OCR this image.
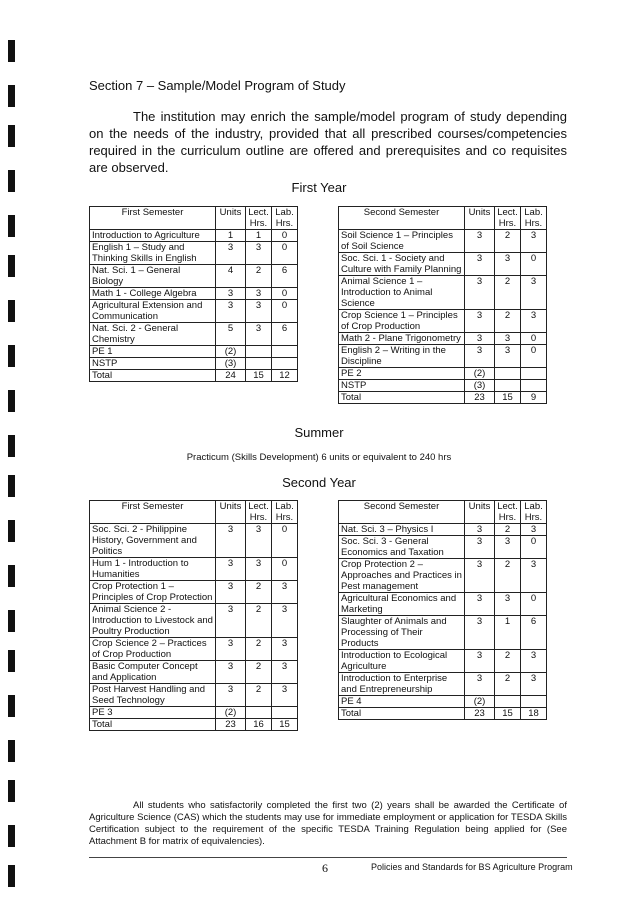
Section 7 – Sample/Model Program of Study

The institution may enrich the sample/model program of study depending on the needs of the industry, provided that all prescribed courses/competencies required in the curriculum outline are offered and prerequisites and co requisites are observed.

First Year
First Semester	Units	Lect. Hrs.	Lab. Hrs.
Introduction to Agriculture	1	1	0
English 1 – Study and Thinking Skills in English	3	3	0
Nat. Sci. 1 – General Biology	4	2	6
Math 1 - College Algebra	3	3	0
Agricultural Extension and Communication	3	3	0
Nat. Sci. 2 - General Chemistry	5	3	6
PE 1	(2)		
NSTP	(3)		
Total	24	15	12
Second Semester	Units	Lect. Hrs.	Lab. Hrs.
Soil Science 1 – Principles of Soil Science	3	2	3
Soc. Sci. 1 - Society and Culture with Family Planning	3	3	0
Animal Science 1 – Introduction to Animal Science	3	2	3
Crop Science 1 – Principles of Crop Production	3	2	3
Math 2 - Plane Trigonometry	3	3	0
English 2 – Writing in the Discipline	3	3	0
PE 2	(2)		
NSTP	(3)		
Total	23	15	9
Summer
Practicum (Skills Development) 6 units or equivalent to 240 hrs
Second Year
First Semester	Units	Lect. Hrs.	Lab. Hrs.
Soc. Sci. 2 - Philippine History, Government and Politics	3	3	0
Hum 1 - Introduction to Humanities	3	3	0
Crop Protection 1 – Principles of Crop Protection	3	2	3
Animal Science 2 - Introduction to Livestock and Poultry Production	3	2	3
Crop Science 2 – Practices of Crop Production	3	2	3
Basic Computer Concept and Application	3	2	3
Post Harvest Handling and Seed Technology	3	2	3
PE 3	(2)		
Total	23	16	15
Second Semester	Units	Lect. Hrs.	Lab. Hrs.
Nat. Sci. 3 – Physics I	3	2	3
Soc. Sci. 3 - General Economics and Taxation	3	3	0
Crop Protection 2 – Approaches and Practices in Pest management	3	2	3
Agricultural Economics and Marketing	3	3	0
Slaughter of Animals and Processing of Their Products	3	1	6
Introduction to Ecological Agriculture	3	2	3
Introduction to Enterprise and Entrepreneurship	3	2	3
PE 4	(2)		
Total	23	15	18

All students who satisfactorily completed the first two (2) years shall be awarded the Certificate of Agriculture Science (CAS) which the students may use for immediate employment or application for TESDA Skills Certification subject to the requirement of the specific TESDA Training Regulation being applied for (See Attachment B for matrix of equivalencies).

6	Policies and Standards for BS Agriculture Program
